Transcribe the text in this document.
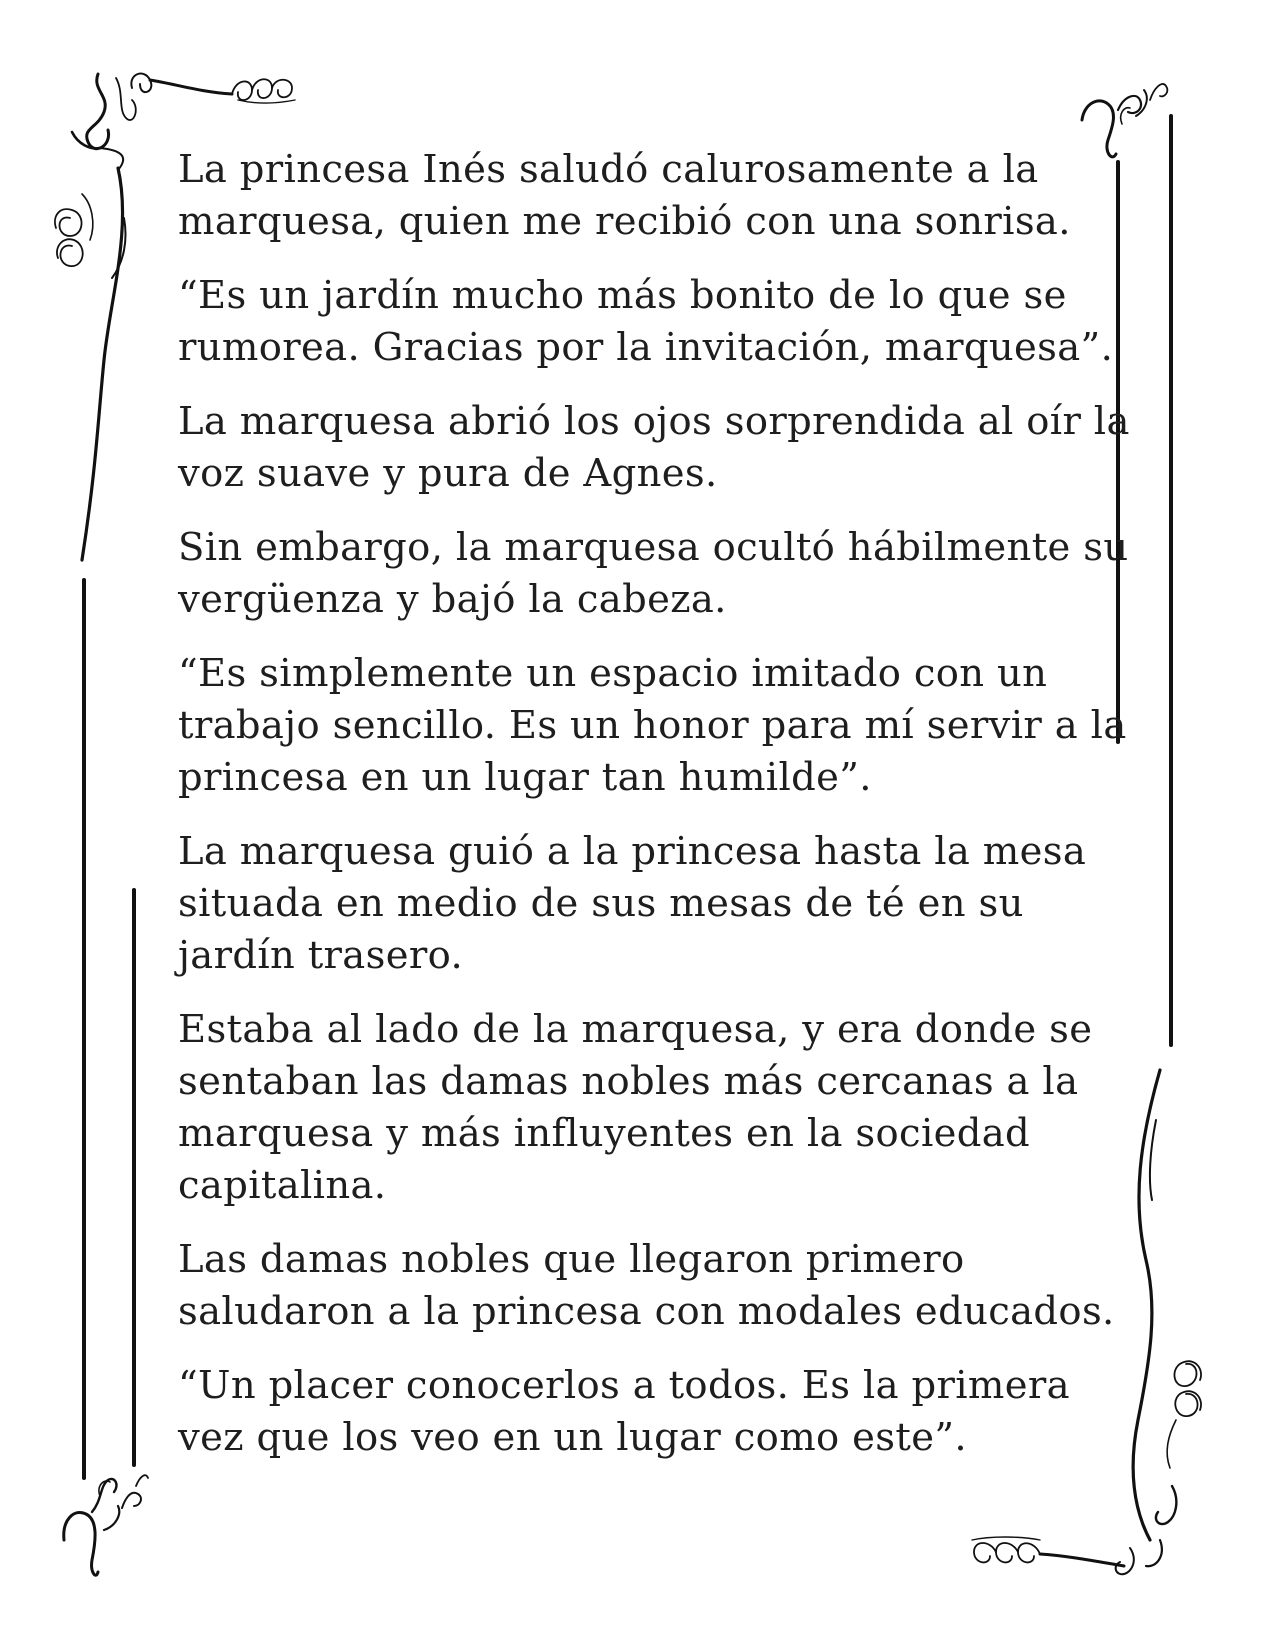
La princesa Inés saludó calurosamente a la
marquesa, quien me recibió con una sonrisa.

“Es un jardín mucho más bonito de lo que se
rumorea. Gracias por la invitación, marquesa”.

La marquesa abrió los ojos sorprendida al oír la
voz suave y pura de Agnes.

Sin embargo, la marquesa ocultó hábilmente su
vergüenza y bajó la cabeza.

“Es simplemente un espacio imitado con un
trabajo sencillo. Es un honor para mí servir a la
princesa en un lugar tan humilde”.

La marquesa guió a la princesa hasta la mesa
situada en medio de sus mesas de té en su
jardín trasero.

Estaba al lado de la marquesa, y era donde se
sentaban las damas nobles más cercanas a la
marquesa y más influyentes en la sociedad
capitalina.

Las damas nobles que llegaron primero
saludaron a la princesa con modales educados.

“Un placer conocerlos a todos. Es la primera
vez que los veo en un lugar como este”.
